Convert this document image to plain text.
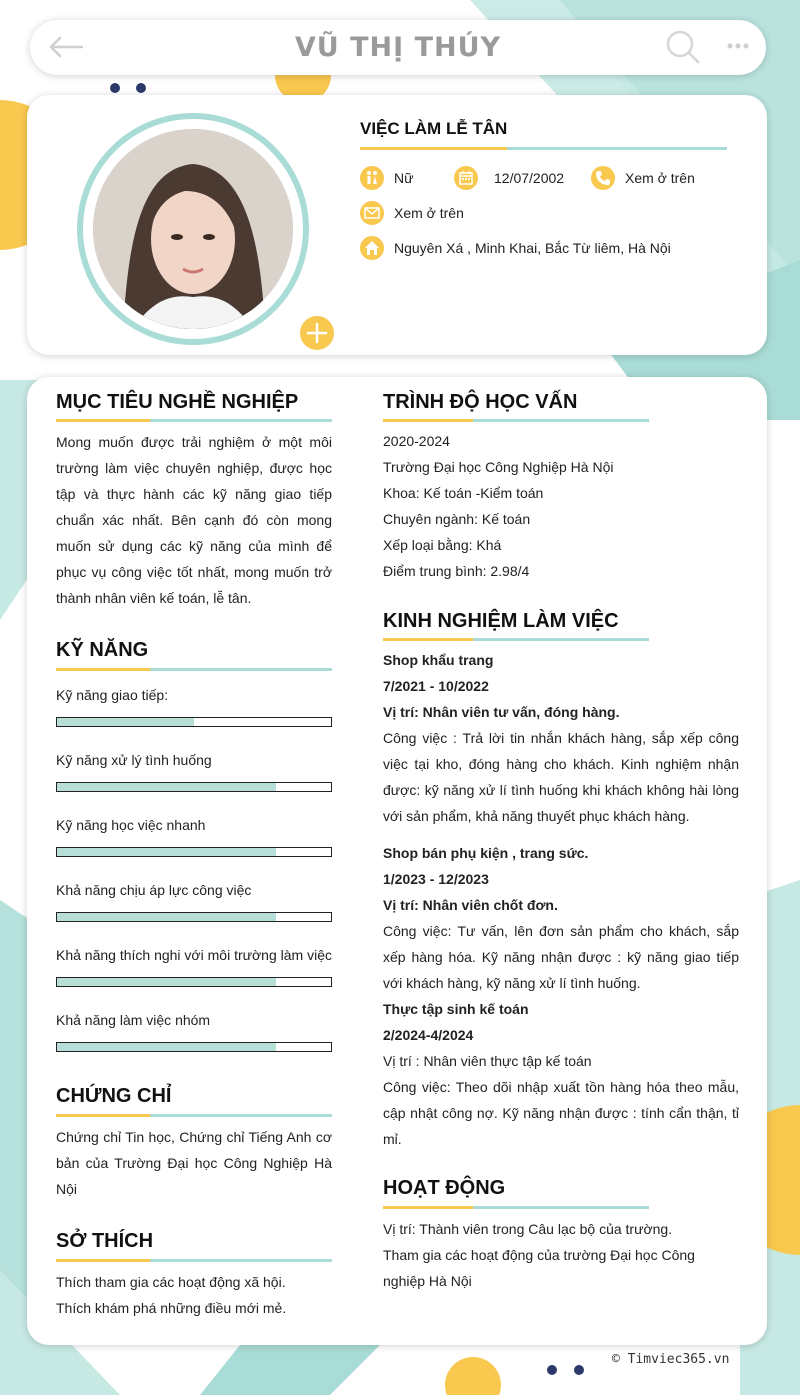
VŨ THỊ THÚY
VIỆC LÀM LỄ TÂN
Nữ	12/07/2002	Xem ở trên
Xem ở trên
Nguyên Xá , Minh Khai, Bắc Từ liêm, Hà Nội
MỤC TIÊU NGHỀ NGHIỆP
Mong muốn được trải nghiệm ở một môi trường làm việc chuyên nghiệp, được học tập và thực hành các kỹ năng giao tiếp chuẩn xác nhất. Bên cạnh đó còn mong muốn sử dụng các kỹ năng của mình để phục vụ công việc tốt nhất, mong muốn trở thành nhân viên kế toán, lễ tân.
KỸ NĂNG
Kỹ năng giao tiếp:
Kỹ năng xử lý tình huống
Kỹ năng học việc nhanh
Khả năng chịu áp lực công việc
Khả năng thích nghi với môi trường làm việc
Khả năng làm việc nhóm
CHỨNG CHỈ
Chứng chỉ Tin học, Chứng chỉ Tiếng Anh cơ bản của Trường Đại học Công Nghiệp Hà Nội
SỞ THÍCH
Thích tham gia các hoạt động xã hội.
Thích khám phá những điều mới mẻ.
TRÌNH ĐỘ HỌC VẤN
2020-2024
Trường Đại học Công Nghiệp Hà Nội
Khoa: Kế toán -Kiểm toán
Chuyên ngành: Kế toán
Xếp loại bằng: Khá
Điểm trung bình: 2.98/4
KINH NGHIỆM LÀM VIỆC
Shop khẩu trang
7/2021 - 10/2022
Vị trí: Nhân viên tư vấn, đóng hàng.
Công việc : Trả lời tin nhắn khách hàng, sắp xếp công việc tại kho, đóng hàng cho khách. Kinh nghiệm nhận được: kỹ năng xử lí tình huống khi khách không hài lòng với sản phẩm, khả năng thuyết phục khách hàng.
Shop bán phụ kiện , trang sức.
1/2023 - 12/2023
Vị trí: Nhân viên chốt đơn.
Công việc: Tư vấn, lên đơn sản phẩm cho khách, sắp xếp hàng hóa. Kỹ năng nhận được : kỹ năng giao tiếp với khách hàng, kỹ năng xử lí tình huống.
Thực tập sinh kế toán
2/2024-4/2024
Vị trí : Nhân viên thực tập kế toán
Công việc: Theo dõi nhập xuất tồn hàng hóa theo mẫu, cập nhật công nợ. Kỹ năng nhận được : tính cẩn thận, tỉ mỉ.
HOẠT ĐỘNG
Vị trí: Thành viên trong Câu lạc bộ của trường.
Tham gia các hoạt động của trường Đại học Công nghiệp Hà Nội
© Timviec365.vn
